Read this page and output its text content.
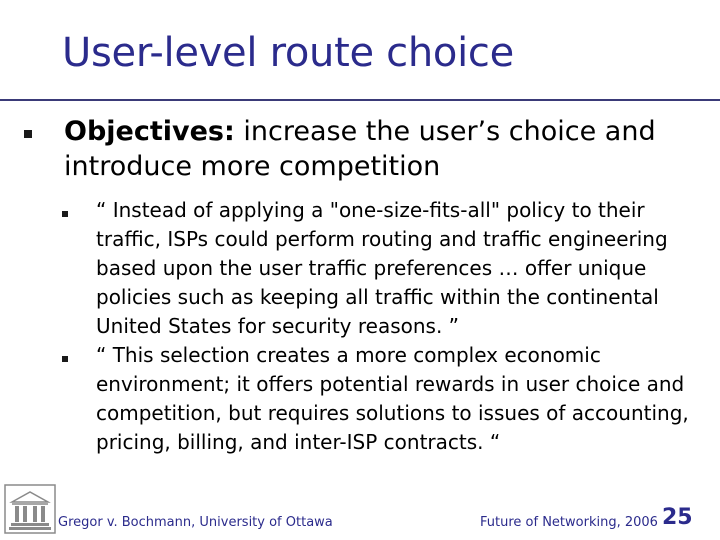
User-level route choice
Objectives: increase the user’s choice and introduce more competition
“ Instead of applying a "one-size-fits-all" policy to their traffic, ISPs could perform routing and traffic engineering based upon the user traffic preferences … offer unique policies such as keeping all traffic within the continental United States for security reasons. ”
“ This selection creates a more complex economic environment; it offers potential rewards in user choice and competition, but requires solutions to issues of accounting, pricing, billing, and inter-ISP contracts. “
Gregor v. Bochmann, University of Ottawa	Future of Networking, 2006 25
